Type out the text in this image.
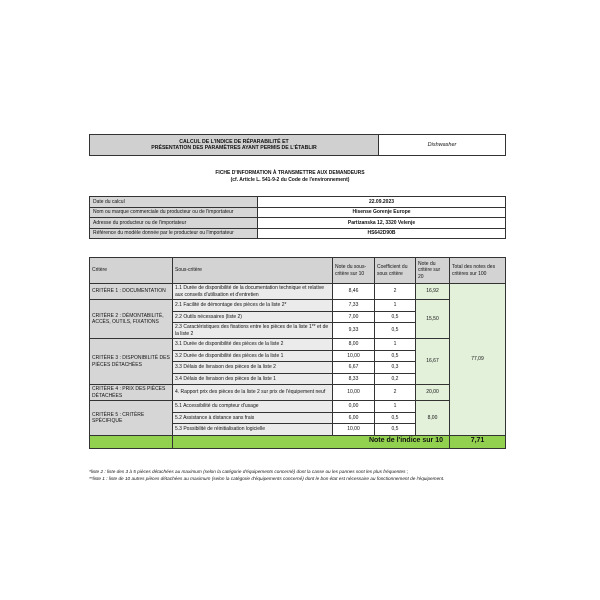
CALCUL DE L'INDICE DE RÉPARABILITÉ ET
PRÉSENTATION DES PARAMÈTRES AYANT PERMIS DE L'ÉTABLIR
	Dishwasher
FICHE D'INFORMATION À TRANSMETTRE AUX DEMANDEURS
(cf. Article L. 541-9-2 du Code de l'environnement)
Date du calcul	22.09.2023
Nom ou marque commerciale du producteur ou de l'importateur	Hisense Gorenje Europe
Adresse du producteur ou de l'importateur	Partizanska 12, 3320 Velenje
Référence du modèle donnée par le producteur ou l'importateur	HS642D90B
Critère	Sous-critère	Note du sous-critère sur 10	Coefficient du sous critère	Note du critère sur 20	Total des notes des critères sur 100
CRITÈRE 1 : DOCUMENTATION	1.1 Durée de disponibilité de la documentation technique et relative aux conseils d'utilisation et d'entretien	8,46	2	16,92	77,09
CRITÈRE 2 : DÉMONTABILITÉ, ACCÈS, OUTILS, FIXATIONS	2.1 Facilité de démontage des pièces de la liste 2*	7,33	1	15,50	
	2.2 Outils nécessaires (liste 2)	7,00	0,5		
	2.3 Caractéristiques des fixations entre les pièces de la liste 1** et de la liste 2	9,33	0,5		
CRITÈRE 3 : DISPONIBILITÉ DES PIÈCES DÉTACHÉES	3.1 Durée de disponibilité des pièces de la liste 2	8,00	1	16,67	
	3.2 Durée de disponibilité des pièces de la liste 1	10,00	0,5		
	3.3 Délais de livraison des pièces de la liste 2	6,67	0,3		
	3.4 Délais de livraison des pièces de la liste 1	8,33	0,2		
CRITÈRE 4 : PRIX DES PIÈCES DÉTACHÉES	4. Rapport prix des pièces de la liste 2 sur prix de l'équipement neuf	10,00	2	20,00	
CRITÈRE 5 : CRITÈRE SPÉCIFIQUE	5.1 Accessibilité du compteur d'usage	0,00	1	8,00	
	5.2 Assistance à distance sans frais	6,00	0,5		
	5.3 Possibilité de réinitialisation logicielle	10,00	0,5		
	Note de l'indice sur 10				7,71
*liste 2 : liste des 3 à 5 pièces détachées au maximum (selon la catégorie d'équipements concerné) dont la casse ou les pannes sont les plus fréquentes ;
**liste 1 : liste de 10 autres pièces détachées au maximum (selon la catégorie d'équipements concerné) dont le bon état est nécessaire au fonctionnement de l'équipement.
